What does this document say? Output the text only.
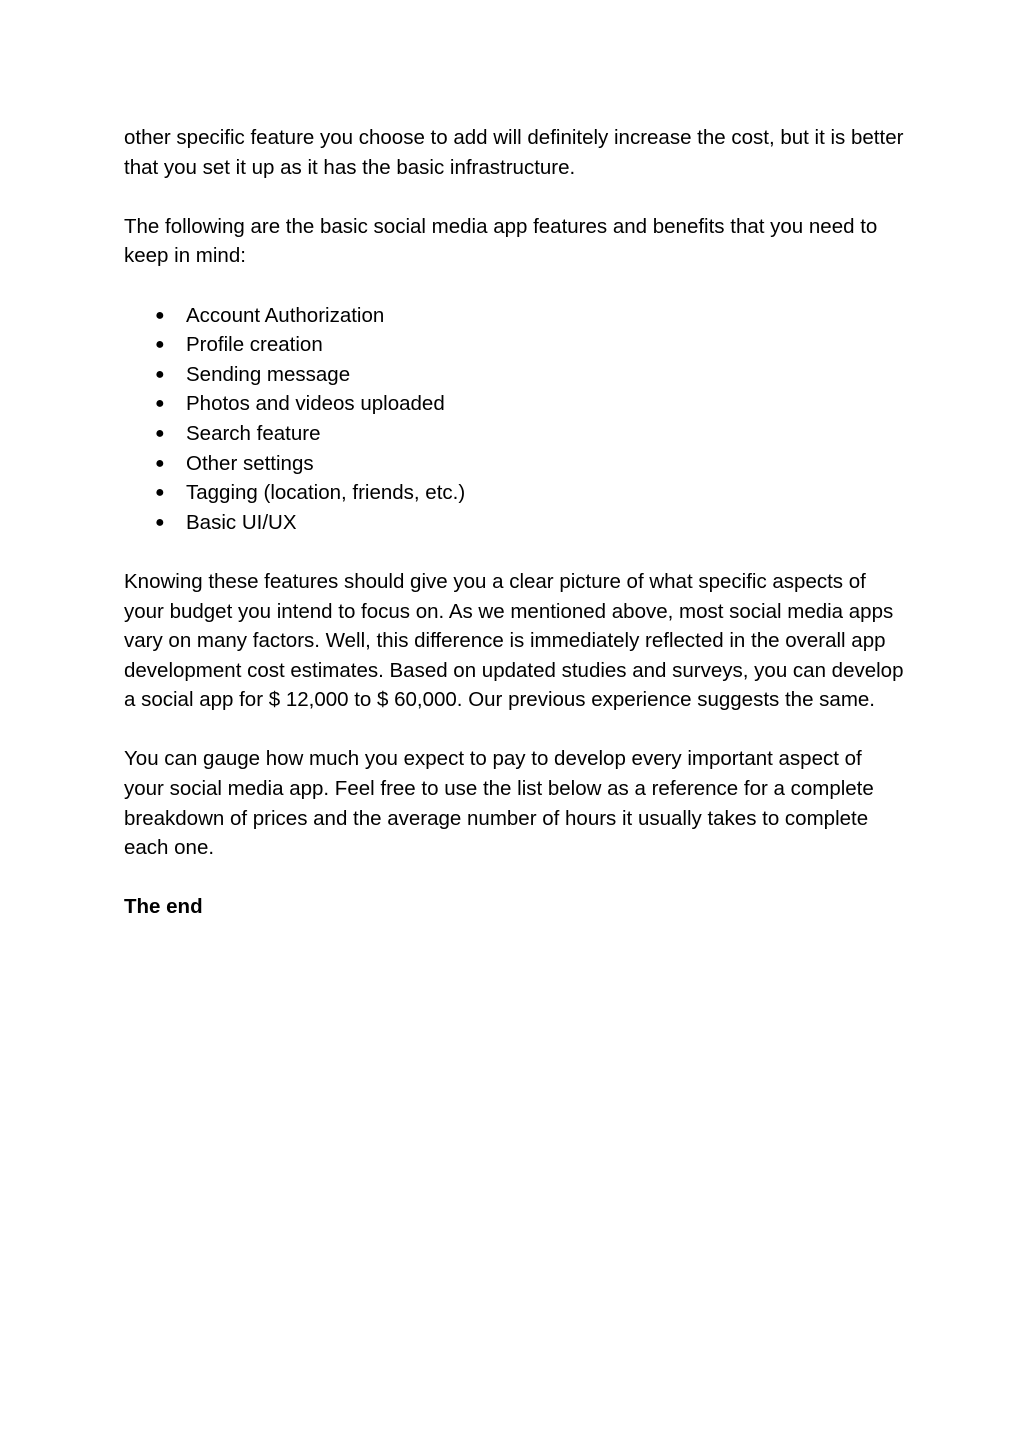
other specific feature you choose to add will definitely increase the cost, but it is better that you set it up as it has the basic infrastructure.

The following are the basic social media app features and benefits that you need to keep in mind:

● Account Authorization
● Profile creation
● Sending message
● Photos and videos uploaded
● Search feature
● Other settings
● Tagging (location, friends, etc.)
● Basic UI/UX

Knowing these features should give you a clear picture of what specific aspects of your budget you intend to focus on. As we mentioned above, most social media apps vary on many factors. Well, this difference is immediately reflected in the overall app development cost estimates. Based on updated studies and surveys, you can develop a social app for $ 12,000 to $ 60,000. Our previous experience suggests the same.

You can gauge how much you expect to pay to develop every important aspect of your social media app. Feel free to use the list below as a reference for a complete breakdown of prices and the average number of hours it usually takes to complete each one.

The end
